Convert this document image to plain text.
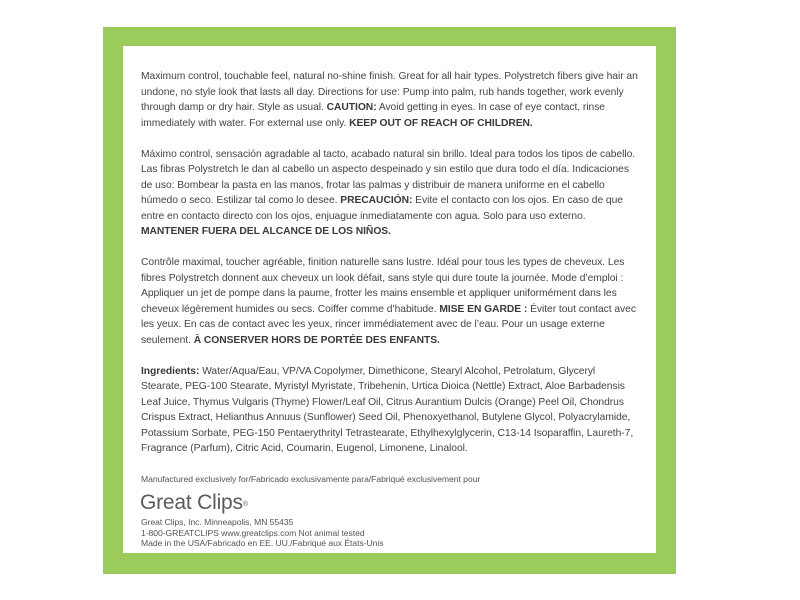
Maximum control, touchable feel, natural no-shine finish. Great for all hair types. Polystretch fibers give hair an undone, no style look that lasts all day. Directions for use: Pump into palm, rub hands together, work evenly through damp or dry hair. Style as usual. CAUTION: Avoid getting in eyes. In case of eye contact, rinse immediately with water. For external use only. KEEP OUT OF REACH OF CHILDREN.

Máximo control, sensación agradable al tacto, acabado natural sin brillo. Ideal para todos los tipos de cabello. Las fibras Polystretch le dan al cabello un aspecto despeinado y sin estilo que dura todo el día. Indicaciones de uso: Bombear la pasta en las manos, frotar las palmas y distribuir de manera uniforme en el cabello húmedo o seco. Estilizar tal como lo desee. PRECAUCIÓN: Evite el contacto con los ojos. En caso de que entre en contacto directo con los ojos, enjuague inmediatamente con agua. Solo para uso externo. MANTENER FUERA DEL ALCANCE DE LOS NIÑOS.

Contrôle maximal, toucher agréable, finition naturelle sans lustre. Idéal pour tous les types de cheveux. Les fibres Polystretch donnent aux cheveux un look défait, sans style qui dure toute la journée. Mode d’emploi : Appliquer un jet de pompe dans la paume, frotter les mains ensemble et appliquer uniformément dans les cheveux légèrement humides ou secs. Coiffer comme d’habitude. MISE EN GARDE : Éviter tout contact avec les yeux. En cas de contact avec les yeux, rincer immédiatement avec de l’eau. Pour un usage externe seulement. À CONSERVER HORS DE PORTÉE DES ENFANTS.

Ingredients: Water/Aqua/Eau, VP/VA Copolymer, Dimethicone, Stearyl Alcohol, Petrolatum, Glyceryl Stearate, PEG-100 Stearate, Myristyl Myristate, Tribehenin, Urtica Dioica (Nettle) Extract, Aloe Barbadensis Leaf Juice, Thymus Vulgaris (Thyme) Flower/Leaf Oil, Citrus Aurantium Dulcis (Orange) Peel Oil, Chondrus Crispus Extract, Helianthus Annuus (Sunflower) Seed Oil, Phenoxyethanol, Butylene Glycol, Polyacrylamide, Potassium Sorbate, PEG-150 Pentaerythrityl Tetrastearate, Ethylhexylglycerin, C13-14 Isoparaffin, Laureth-7, Fragrance (Parfum), Citric Acid, Coumarin, Eugenol, Limonene, Linalool.

Manufactured exclusively for/Fabricado exclusivamente para/Fabriqué exclusivement pour
Great Clips®
Great Clips, Inc. Minneapolis, MN 55435
1-800-GREATCLIPS www.greatclips.com Not animal tested
Made in the USA/Fabricado en EE. UU./Fabriqué aux États-Unis
